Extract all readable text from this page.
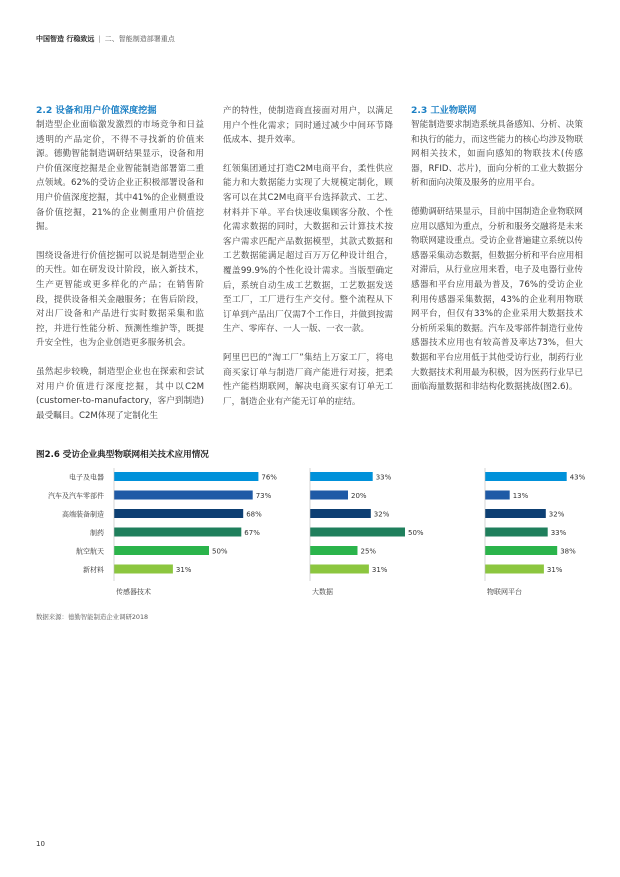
中国智造 行稳致远 | 二、智能制造部署重点
2.2 设备和用户价值深度挖掘

制造型企业面临激发激烈的市场竞争和日益透明的产品定价，不得不寻找新的价值来源。德勤智能制造调研结果显示，设备和用户价值深度挖掘是企业智能制造部署第二重点领域。62%的受访企业正积极部署设备和用户价值深度挖掘，其中41%的企业侧重设备价值挖掘，21%的企业侧重用户价值挖掘。

围绕设备进行价值挖掘可以说是制造型企业的天性。如在研发设计阶段，嵌入新技术，生产更智能或更多样化的产品；在销售阶段，提供设备相关金融服务；在售后阶段，对出厂设备和产品进行实时数据采集和监控，并进行性能分析、预测性维护等，既提升安全性，也为企业创造更多服务机会。

虽然起步较晚，制造型企业也在探索和尝试对用户价值进行深度挖掘，其中以C2M (customer-to-manufactory，客户到制造)最受瞩目。C2M体现了定制化生

产的特性，使制造商直接面对用户，以满足用户个性化需求；同时通过减少中间环节降低成本、提升效率。

红领集团通过打造C2M电商平台，柔性供应能力和大数据能力实现了大规模定制化，顾客可以在其C2M电商平台选择款式、工艺、材料并下单。平台快速收集顾客分散、个性化需求数据的同时，大数据和云计算技术按客户需求匹配产品数据模型，其款式数据和工艺数据能满足超过百万万亿种设计组合，覆盖99.9%的个性化设计需求。当版型确定后，系统自动生成工艺数据，工艺数据发送至工厂，工厂进行生产交付。整个流程从下订单到产品出厂仅需7个工作日，并做到按需生产、零库存、一人一版、一衣一款。

阿里巴巴的“淘工厂”集结上万家工厂，将电商买家订单与制造厂商产能进行对接，把柔性产能档期联网，解决电商买家有订单无工厂，制造企业有产能无订单的症结。

2.3 工业物联网

智能制造要求制造系统具备感知、分析、决策和执行的能力，而这些能力的核心均涉及物联网相关技术，如面向感知的物联技术(传感器，RFID、芯片)，面向分析的工业大数据分析和面向决策及服务的应用平台。

德勤调研结果显示，目前中国制造企业物联网应用以感知为重点，分析和服务交融将是未来物联网建设重点。受访企业普遍建立系统以传感器采集动态数据，但数据分析和平台应用相对滞后，从行业应用来看，电子及电器行业传感器和平台应用最为普及，76%的受访企业利用传感器采集数据，43%的企业利用物联网平台，但仅有33%的企业采用大数据技术分析所采集的数据。汽车及零部件制造行业传感器技术应用也有较高普及率达73%，但大数据和平台应用低于其他受访行业，制药行业大数据技术利用最为积极，因为医药行业早已面临海量数据和非结构化数据挑战(图2.6)。

图2.6 受访企业典型物联网相关技术应用情况
电子及电器
汽车及汽车零部件
高端装备制造
制药
航空航天
新材料
76%
73%
68%
67%
50%
31%
传感器技术
33%
20%
32%
50%
25%
31%
大数据
43%
13%
32%
33%
38%
31%
物联网平台
数据来源：德勤智能制造企业调研2018
10
